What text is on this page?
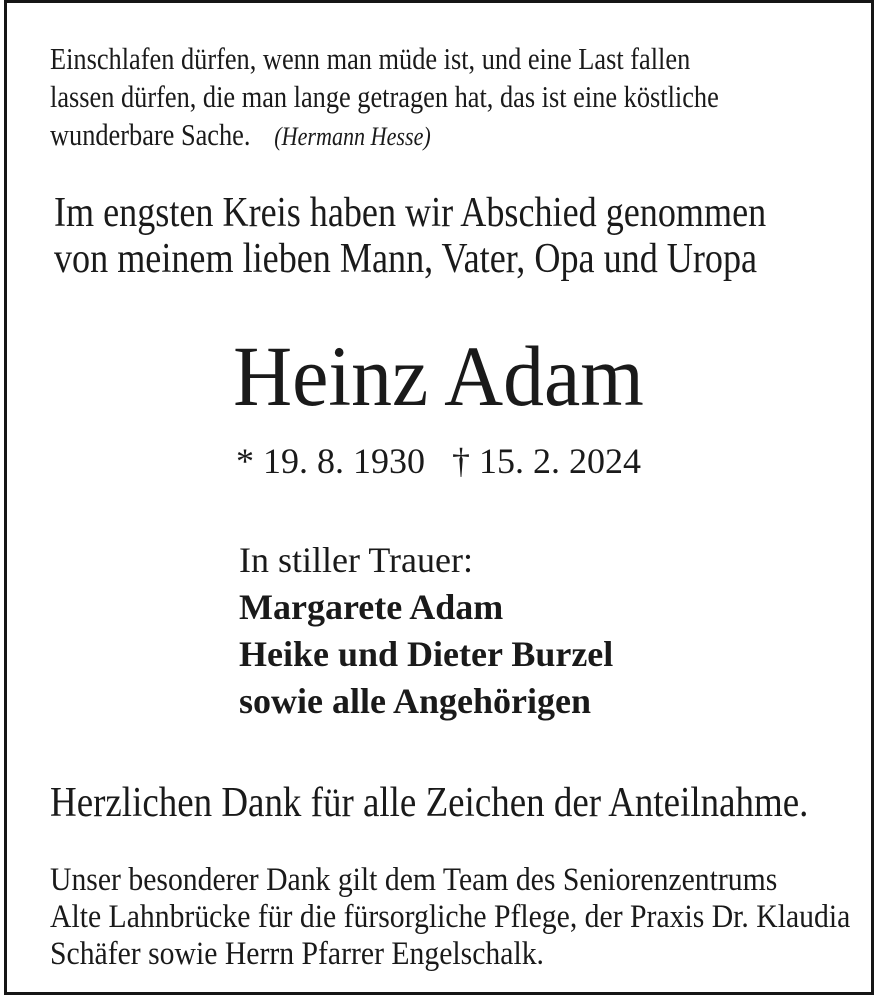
Einschlafen dürfen, wenn man müde ist, und eine Last fallen
lassen dürfen, die man lange getragen hat, das ist eine köstliche
wunderbare Sache. (Hermann Hesse)
Im engsten Kreis haben wir Abschied genommen
von meinem lieben Mann, Vater, Opa und Uropa
Heinz Adam
* 19. 8. 1930 † 15. 2. 2024
In stiller Trauer:
Margarete Adam
Heike und Dieter Burzel
sowie alle Angehörigen
Herzlichen Dank für alle Zeichen der Anteilnahme.
Unser besonderer Dank gilt dem Team des Seniorenzentrums
Alte Lahnbrücke für die fürsorgliche Pflege, der Praxis Dr. Klaudia
Schäfer sowie Herrn Pfarrer Engelschalk.
